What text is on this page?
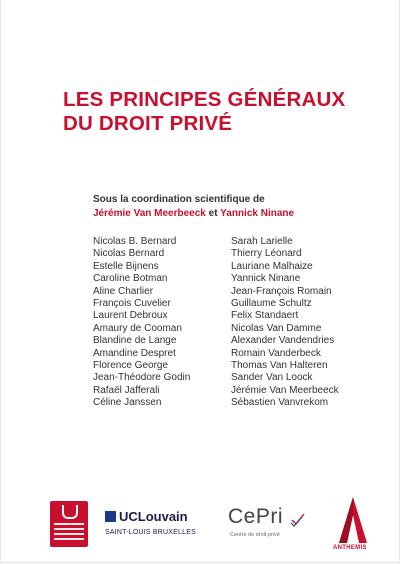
LES PRINCIPES GÉNÉRAUX
DU DROIT PRIVÉ
Sous la coordination scientifique de
Jérémie Van Meerbeeck et Yannick Ninane
Nicolas B. Bernard
Nicolas Bernard
Estelle Bijnens
Caroline Botman
Aline Charlier
François Cuvelier
Laurent Debroux
Amaury de Cooman
Blandine de Lange
Amandine Despret
Florence George
Jean-Théodore Godin
Rafaël Jafferali
Céline Janssen
Sarah Larielle
Thierry Léonard
Lauriane Malhaize
Yannick Ninane
Jean-François Romain
Guillaume Schultz
Felix Standaert
Nicolas Van Damme
Alexander Vandendries
Romain Vanderbeck
Thomas Van Halteren
Sander Van Loock
Jérémie Van Meerbeeck
Sébastien Vanvrekom
UCLouvain
SAINT-LOUIS BRUXELLES
CePri
Centre de droit privé
ANTHEMIS
